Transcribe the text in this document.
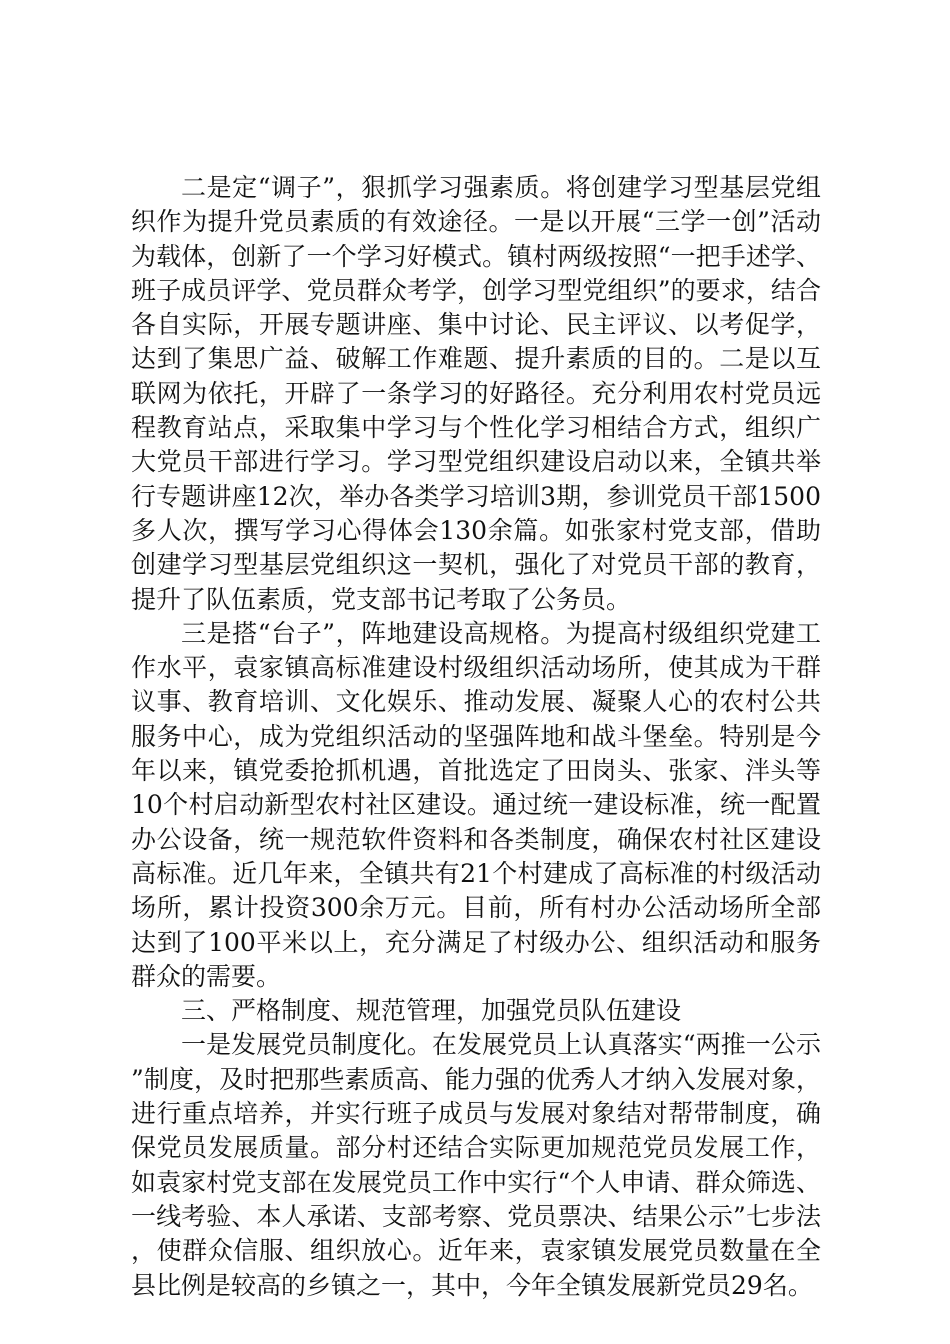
二是定“调子”，狠抓学习强素质。将创建学习型基层党组织作为提升党员素质的有效途径。一是以开展“三学一创”活动为载体，创新了一个学习好模式。镇村两级按照“一把手述学、班子成员评学、党员群众考学，创学习型党组织”的要求，结合各自实际，开展专题讲座、集中讨论、民主评议、以考促学，达到了集思广益、破解工作难题、提升素质的目的。二是以互联网为依托，开辟了一条学习的好路径。充分利用农村党员远程教育站点，采取集中学习与个性化学习相结合方式，组织广大党员干部进行学习。学习型党组织建设启动以来，全镇共举行专题讲座12次，举办各类学习培训3期，参训党员干部1500多人次，撰写学习心得体会130余篇。如张家村党支部，借助创建学习型基层党组织这一契机，强化了对党员干部的教育，提升了队伍素质，党支部书记考取了公务员。

三是搭“台子”，阵地建设高规格。为提高村级组织党建工作水平，袁家镇高标准建设村级组织活动场所，使其成为干群议事、教育培训、文化娱乐、推动发展、凝聚人心的农村公共服务中心，成为党组织活动的坚强阵地和战斗堡垒。特别是今年以来，镇党委抢抓机遇，首批选定了田岗头、张家、泮头等10个村启动新型农村社区建设。通过统一建设标准，统一配置办公设备，统一规范软件资料和各类制度，确保农村社区建设高标准。近几年来，全镇共有21个村建成了高标准的村级活动场所，累计投资300余万元。目前，所有村办公活动场所全部达到了100平米以上，充分满足了村级办公、组织活动和服务群众的需要。

三、严格制度、规范管理，加强党员队伍建设

一是发展党员制度化。在发展党员上认真落实“两推一公示”制度，及时把那些素质高、能力强的优秀人才纳入发展对象，进行重点培养，并实行班子成员与发展对象结对帮带制度，确保党员发展质量。部分村还结合实际更加规范党员发展工作，如袁家村党支部在发展党员工作中实行“个人申请、群众筛选、一线考验、本人承诺、支部考察、党员票决、结果公示”七步法，使群众信服、组织放心。近年来，袁家镇发展党员数量在全县比例是较高的乡镇之一，其中，今年全镇发展新党员29名。
